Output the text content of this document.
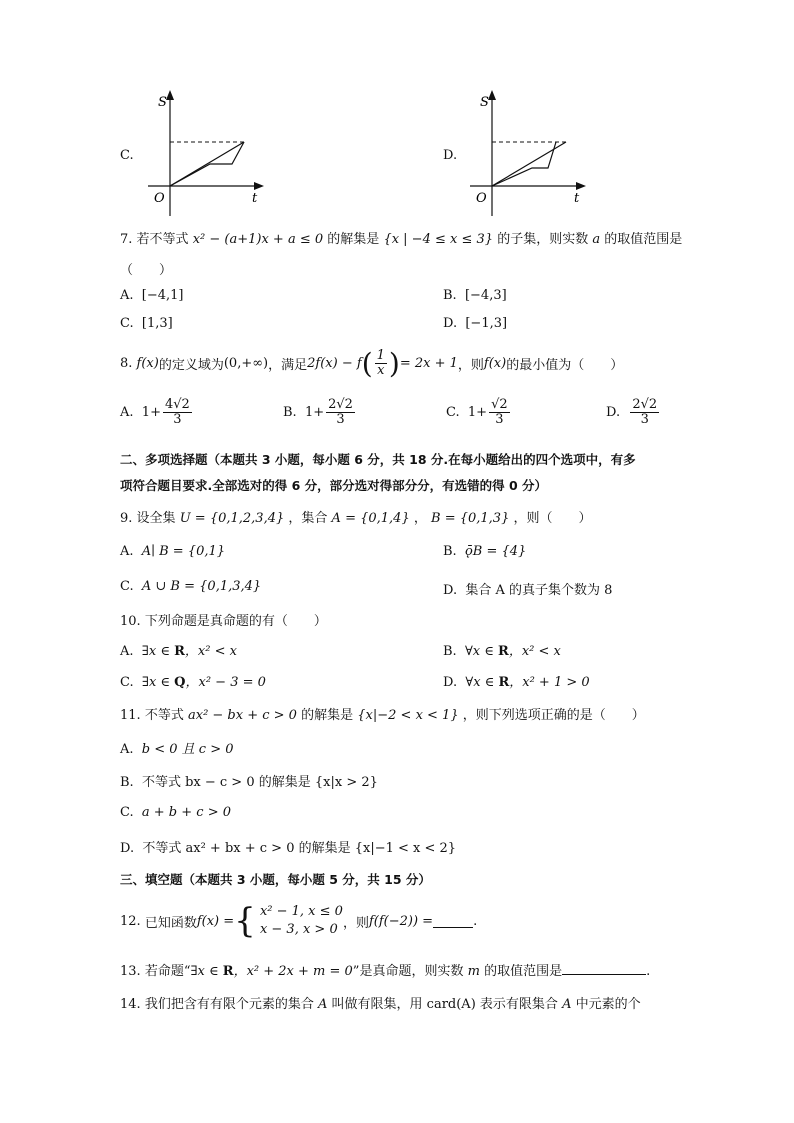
C.
S
t
O
D.
S
t
O
7. 若不等式 x² − (a+1)x + a ≤ 0 的解集是 {x | −4 ≤ x ≤ 3} 的子集，则实数 a 的取值范围是
（　　）
A. [−4,1]	B. [−4,3]
C. [1,3]	D. [−1,3]
8.
f(x) 的定义域为 (0,+∞) ，满足 2f(x) − f ( $\frac{1}{x}$ ) = 2x + 1 ，则 f(x) 的最小值为（　　）
A.
$1+ \frac{4√2}{3}$	B.
$1+ \frac{2√2}{3}$	C.
$1+ \frac{√2}{3}$	D.
$\frac{2√2}{3}$
二、多项选择题（本题共 3 小题，每小题 6 分，共 18 分.在每小题给出的四个选项中，有多
项符合题目要求.全部选对的得 6 分，部分选对得部分分，有选错的得 0 分）
9. 设全集 U = {0,1,2,3,4} ，集合 A = {0,1,4} ， B = {0,1,3} ，则（　　）
A. A∣ B = {0,1}	B. ǭB = {4}
C. A ∪ B = {0,1,3,4}	D. 集合 A 的真子集个数为 8
10. 下列命题是真命题的有（　　）
A. ∃x ∈ R，x² < x	B. ∀x ∈ R，x² < x
C. ∃x ∈ Q，x² − 3 = 0	D. ∀x ∈ R，x² + 1 > 0
11. 不等式 ax² − bx + c > 0 的解集是 {x|−2 < x < 1} ，则下列选项正确的是（　　）
A. b < 0 且 c > 0
B. 不等式 bx − c > 0 的解集是 {x|x > 2}
C. a + b + c > 0
D. 不等式 ax² + bx + c > 0 的解集是 {x|−1 < x < 2}
三、填空题（本题共 3 小题，每小题 5 分，共 15 分）
12.
已知函数 f(x) = { x² − 1, x ≤ 0
x − 3, x > 0 ，则 f(f(−2)) =	.
13. 若命题“∃x ∈ R，x² + 2x + m = 0”是真命题，则实数 m 的取值范围是	.
14. 我们把含有有限个元素的集合 A 叫做有限集，用 card(A) 表示有限集合 A 中元素的个
